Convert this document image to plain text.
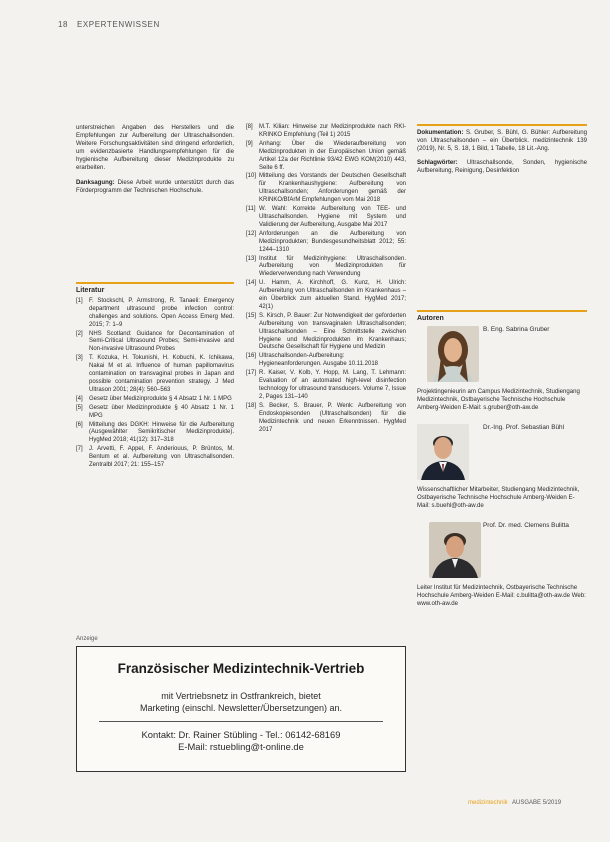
18 EXPERTENWISSEN

unterstreichen Angaben des Herstellers und die Empfehlungen zur Aufbereitung der Ultraschallsonden. Weitere Forschungsaktivitäten sind dringend erforderlich, um evidenzbasierte Handlungsempfehlungen für die hygienische Aufbereitung dieser Medizinprodukte zu erarbeiten.

Danksagung: Diese Arbeit wurde unterstützt durch das Förderprogramm der Technischen Hochschule.

Literatur
[1]	F. Stockschl, P. Armstrong, R. Tanaeli: Emergency department ultrasound probe infection control: challenges and solutions. Open Access Emerg Med. 2015; 7: 1–9
[2]	NHS Scotland: Guidance for Decontamination of Semi-Critical Ultrasound Probes; Semi-invasive and Non-invasive Ultrasound Probes
[3]	T. Kozuka, H. Tokunishi, H. Kobuchi, K. Ichikawa, Nakai M et al. Influence of human papillomavirus contamination on transvaginal probes in Japan and possible contamination prevention strategy. J Med Ultrason 2001; 28(4): 560–563
[4]	Gesetz über Medizinprodukte § 4 Absatz 1 Nr. 1 MPG
[5]	Gesetz über Medizinprodukte § 40 Absatz 1 Nr. 1 MPG
[6]	Mitteilung des DGKH: Hinweise für die Aufbereitung (Ausgewählter Semikritischer Medizinprodukte). HygMed 2018; 41(12): 317–318
[7]	J. Arvetti, F. Appel, F. Anderiouus, P. Brüntos, M. Bentum et al. Aufbereitung von Ultraschallsonden. Zentralbl 2017; 21: 155–157
[8]	M.T. Kilian: Hinweise zur Medizinprodukte nach RKI-KRINKO Empfehlung (Teil 1) 2015
[9]	Anhang: Über die Wiederaufbereitung von Medizinprodukten in der Europäischen Union gemäß Artikel 12a der Richtlinie 93/42 EWG KOM(2010) 443, Seite 6 ff.
[10] Mitteilung des Vorstands der Deutschen Gesellschaft für Krankenhaushygiene: Aufbereitung von Ultraschallsonden; Anforderungen gemäß der KRINKO/BfArM Empfehlungen vom Mai 2018
[11] W. Wahl: Korrekte Aufbereitung von TEE- und Ultraschallsonden. Hygiene mit System und Validierung der Aufbereitung, Ausgabe Mai 2017
[12] Anforderungen an die Aufbereitung von Medizinprodukten; Bundesgesundheitsblatt 2012; 55: 1244–1310
[13] Institut für Medizinhygiene: Ultraschallsonden. Aufbereitung von Medizinprodukten für Wiederverwendung nach Verwendung
[14] U. Hamm, A. Kirchhoff, G. Kunz, H. Ulrich: Aufbereitung von Ultraschallsonden im Krankenhaus – ein Überblick zum aktuellen Stand. HygMed 2017; 42(1)
[15] S. Kirsch, P. Bauer: Zur Notwendigkeit der geforderten Aufbereitung von transvaginalen Ultraschallsonden; Ultraschallsonden – Eine Schnittstelle zwischen Hygiene und Medizinprodukten im Krankenhaus; Deutsche Gesellschaft für Hygiene und Medizin
[16] Ultraschallsonden-Aufbereitung: Hygieneanforderungen. Ausgabe 10.11.2018
[17] R. Kaiser, V. Kolb, Y. Hopp, M. Lang, T. Lehmann: Evaluation of an automated high-level disinfection technology for ultrasound transducers. Volume 7, Issue 2, Pages 131–140
[18] S. Becker, S. Brauer, P. Wenk: Aufbereitung von Endoskopiesonden (Ultraschallsonden) für die Medizintechnik und neuen Erkenntnissen. HygMed 2017

Dokumentation: S. Gruber, S. Bühl, G. Bühler: Aufbereitung von Ultraschallsonden – ein Überblick. medizintechnik 139 (2019), Nr. 5, S. 18, 1 Bild, 1 Tabelle, 18 Lit.-Ang.

Schlagwörter: Ultraschallsonde, Sonden, hygienische Aufbereitung, Reinigung, Desinfektion

Autoren
B. Eng. Sabrina Gruber
Projektingenieurin am Campus Medizintechnik, Studiengang Medizintechnik, Ostbayerische Technische Hochschule Amberg-Weiden E-Mail: s.gruber@oth-aw.de
Dr.-Ing. Prof. Sebastian Bühl
Wissenschaftlicher Mitarbeiter, Studiengang Medizintechnik, Ostbayerische Technische Hochschule Amberg-Weiden E-Mail: s.buehl@oth-aw.de
Prof. Dr. med. Clemens Bulitta
Leiter Institut für Medizintechnik, Ostbayerische Technische Hochschule Amberg-Weiden E-Mail: c.bulitta@oth-aw.de Web: www.oth-aw.de
Anzeige
Französischer Medizintechnik-Vertrieb
mit Vertriebsnetz in Ostfrankreich, bietet
Marketing (einschl. Newsletter/Übersetzungen) an.
Kontakt: Dr. Rainer Stübling - Tel.: 06142-68169
E-Mail: rstuebling@t-online.de
medizintechnik AUSGABE 5/2019
